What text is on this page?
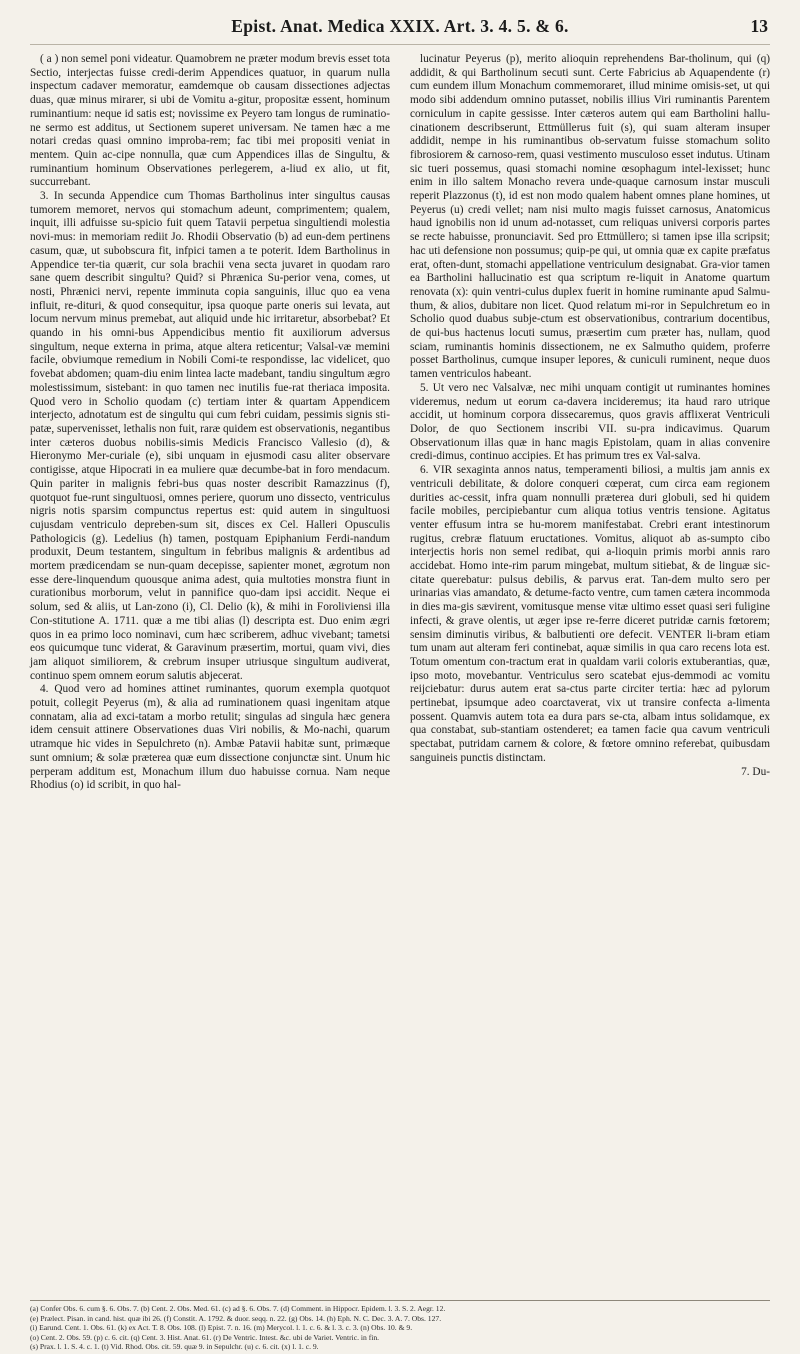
Epist. Anat. Medica XXIX. Art. 3. 4. 5. & 6.	13

( a ) non semel poni videatur. Quamobrem ne præter modum brevis esset tota Sectio, interjectas fuisse credi-derim Appendices quatuor, in quarum nulla inspectum cadaver memoratur, eamdemque ob causam dissectiones adjectas duas, quæ minus mirarer, si ubi de Vomitu a-gitur, propositæ essent, hominum ruminantium: neque id satis est; novissime ex Peyero tam longus de ruminatio-ne sermo est additus, ut Sectionem superet universam. Ne tamen hæc a me notari credas quasi omnino improba-rem; fac tibi mei propositi veniat in mentem. Quin ac-cipe nonnulla, quæ cum Appendices illas de Singultu, & ruminantium hominum Observationes perlegerem, a-liud ex alio, ut fit, succurrebant.

3. In secunda Appendice cum Thomas Bartholinus inter singultus causas tumorem memoret, nervos qui stomachum adeunt, comprimentem; qualem, inquit, illi adfuisse su-spicio fuit quem Tatavii perpetua singultiendi molestia novi-mus: in memoriam rediit Jo. Rhodii Observatio (b) ad eun-dem pertinens casum, quæ, ut subobscura fit, infpici tamen a te poterit. Idem Bartholinus in Appendice ter-tia quærit, cur sola brachii vena secta juvaret in quodam raro sane quem describit singultu? Quid? si Phrænica Su-perior vena, comes, ut nosti, Phrænici nervi, repente imminuta copia sanguinis, illuc quo ea vena influit, re-dituri, & quod consequitur, ipsa quoque parte oneris sui levata, aut locum nervum minus premebat, aut aliquid unde hic irritaretur, absorbebat? Et quando in his omni-bus Appendicibus mentio fit auxiliorum adversus singultum, neque externa in prima, atque altera reticentur; Valsal-væ memini facile, obviumque remedium in Nobili Comi-te respondisse, lac videlicet, quo fovebat abdomen; quam-diu enim lintea lacte madebant, tandiu singultum ægro molestissimum, sistebant: in quo tamen nec inutilis fue-rat theriaca imposita. Quod vero in Scholio quodam (c) tertiam inter & quartam Appendicem interjecto, adnotatum est de singultu qui cum febri cuidam, pessimis signis sti-patæ, supervenisset, lethalis non fuit, raræ quidem est observationis, negantibus inter cæteros duobus nobilis-simis Medicis Francisco Vallesio (d), & Hieronymo Mer-curiale (e), sibi unquam in ejusmodi casu aliter observare contigisse, atque Hipocrati in ea muliere quæ decumbe-bat in foro mendacum. Quin pariter in malignis febri-bus quas noster describit Ramazzinus (f), quotquot fue-runt singultuosi, omnes periere, quorum uno dissecto, ventriculus nigris notis sparsim compunctus repertus est: quid autem in singultuosi cujusdam ventriculo depreben-sum sit, disces ex Cel. Halleri Opusculis Pathologicis (g). Ledelius (h) tamen, postquam Epiphanium Ferdi-nandum produxit, Deum testantem, singultum in febribus malignis & ardentibus ad mortem prædicendam se nun-quam decepisse, sapienter monet, ægrotum non esse dere-linquendum quousque anima adest, quia multoties monstra fiunt in curationibus morborum, velut in pannifice quo-dam ipsi accidit. Neque ei solum, sed & aliis, ut Lan-zono (i), Cl. Delio (k), & mihi in Foroliviensi illa Con-stitutione A. 1711. quæ a me tibi alias (l) descripta est. Duo enim ægri quos in ea primo loco nominavi, cum hæc scriberem, adhuc vivebant; tametsi eos quicumque tunc viderat, & Garavinum præsertim, mortui, quam vivi, dies jam aliquot similiorem, & crebrum insuper utriusque singultum audiverat, continuo spem omnem eorum salutis abjecerat.

4. Quod vero ad homines attinet ruminantes, quorum exempla quotquot potuit, collegit Peyerus (m), & alia ad ruminationem quasi ingenitam atque connatam, alia ad exci-tatam a morbo retulit; singulas ad singula hæc genera idem censuit attinere Observationes duas Viri nobilis, & Mo-nachi, quarum utramque hic vides in Sepulchreto (n). Ambæ Patavii habitæ sunt, primæque sunt omnium; & solæ præterea quæ eum dissectione conjunctæ sint. Unum hic perperam additum est, Monachum illum duo habuisse cornua. Nam neque Rhodius (o) id scribit, in quo hal-

lucinatur Peyerus (p), merito alioquin reprehendens Bar-tholinum, qui (q) addidit, & qui Bartholinum secuti sunt. Certe Fabricius ab Aquapendente (r) cum eundem illum Monachum commemoraret, illud minime omisis-set, ut qui modo sibi addendum omnino putasset, nobilis illius Viri ruminantis Parentem corniculum in capite gessisse. Inter cæteros autem qui eam Bartholini hallu-cinationem describserunt, Ettmüllerus fuit (s), qui suam alteram insuper addidit, nempe in his ruminantibus ob-servatum fuisse stomachum solito fibrosiorem & carnoso-rem, quasi vestimento musculoso esset indutus. Utinam sic tueri possemus, quasi stomachi nomine œsophagum intel-lexisset; hunc enim in illo saltem Monacho revera unde-quaque carnosum instar musculi reperit Plazzonus (t), id est non modo qualem habent omnes plane homines, ut Peyerus (u) credi vellet; nam nisi multo magis fuisset carnosus, Anatomicus haud ignobilis non id unum ad-notasset, cum reliquas universi corporis partes se recte habuisse, pronunciavit. Sed pro Ettmüllero; si tamen ipse illa scripsit; hac uti defensione non possumus; quip-pe qui, ut omnia quæ ex capite præfatus erat, often-dunt, stomachi appellatione ventriculum designabat. Gra-vior tamen ea Bartholini hallucinatio est qua scriptum re-liquit in Anatome quartum renovata (x): quin ventri-culus duplex fuerit in homine ruminante apud Salmu-thum, & alios, dubitare non licet. Quod relatum mi-ror in Sepulchretum eo in Scholio quod duabus subje-ctum est observationibus, contrarium docentibus, de qui-bus hactenus locuti sumus, præsertim cum præter has, nullam, quod sciam, ruminantis hominis dissectionem, ne ex Salmutho quidem, proferre posset Bartholinus, cumque insuper lepores, & cuniculi ruminent, neque duos tamen ventriculos habeant.

5. Ut vero nec Valsalvæ, nec mihi unquam contigit ut ruminantes homines videremus, nedum ut eorum ca-davera incideremus; ita haud raro utrique accidit, ut hominum corpora dissecaremus, quos gravis afflixerat Ventriculi Dolor, de quo Sectionem inscribi VII. su-pra indicavimus. Quarum Observationum illas quæ in hanc magis Epistolam, quam in alias convenire credi-dimus, continuo accipies. Et has primum tres ex Val-salva.

6. VIR sexaginta annos natus, temperamenti biliosi, a multis jam annis ex ventriculi debilitate, & dolore conqueri cœperat, cum circa eam regionem durities ac-cessit, infra quam nonnulli præterea duri globuli, sed hi quidem facile mobiles, percipiebantur cum aliqua totius ventris tensione. Agitatus venter effusum intra se hu-morem manifestabat. Crebri erant intestinorum rugitus, crebræ flatuum eructationes. Vomitus, aliquot ab as-sumpto cibo interjectis horis non semel redibat, qui a-lioquin primis morbi annis raro accidebat. Homo inte-rim parum mingebat, multum sitiebat, & de linguæ sic-citate querebatur: pulsus debilis, & parvus erat. Tan-dem multo sero per urinarias vias amandato, & detume-facto ventre, cum tamen cætera incommoda in dies ma-gis sævirent, vomitusque mense vitæ ultimo esset quasi seri fuligine infecti, & grave olentis, ut æger ipse re-ferre diceret putridæ carnis fœtorem; sensim diminutis viribus, & balbutienti ore defecit. VENTER li-bram etiam tum unam aut alteram feri continebat, aquæ similis in qua caro recens lota est. Totum omentum con-tractum erat in qualdam varii coloris extuberantias, quæ, ipso moto, movebantur. Ventriculus sero scatebat ejus-demmodi ac vomitu reijciebatur: durus autem erat sa-ctus parte circiter tertia: hæc ad pylorum pertinebat, ipsumque adeo coarctaverat, vix ut transire confecta a-limenta possent. Quamvis autem tota ea dura pars se-cta, albam intus solidamque, ex qua constabat, sub-stantiam ostenderet; ea tamen facie qua cavum ventriculi spectabat, putridam carnem & colore, & fœtore omnino referebat, quibusdam sanguineis punctis distinctam.

7. Du-

(a) Confer Obs. 6. cum §. 6. Obs. 7. (b) Cent. 2. Obs. Med. 61. (c) ad §. 6. Obs. 7. (d) Comment. in Hippocr. Epidem. l. 3. S. 2. Aegr. 12.
(e) Prælect. Pisan. in cand. hist. quæ ibi 26. (f) Constit. A. 1792. & duor. seqq. n. 22. (g) Obs. 14. (h) Eph. N. C. Dec. 3. A. 7. Obs. 127.
(i) Earund. Cent. 1. Obs. 61. (k) ex Act. T. 8. Obs. 108. (l) Epist. 7. n. 16. (m) Merycol. l. 1. c. 6. & l. 3. c. 3. (n) Obs. 10. & 9.
(o) Cent. 2. Obs. 59. (p) c. 6. cit. (q) Cent. 3. Hist. Anat. 61. (r) De Ventric. Intest. &c. ubi de Variet. Ventric. in fin.
(s) Prax. l. 1. S. 4. c. 1. (t) Vid. Rhod. Obs. cit. 59. quæ 9. in Sepulchr. (u) c. 6. cit. (x) l. 1. c. 9.
